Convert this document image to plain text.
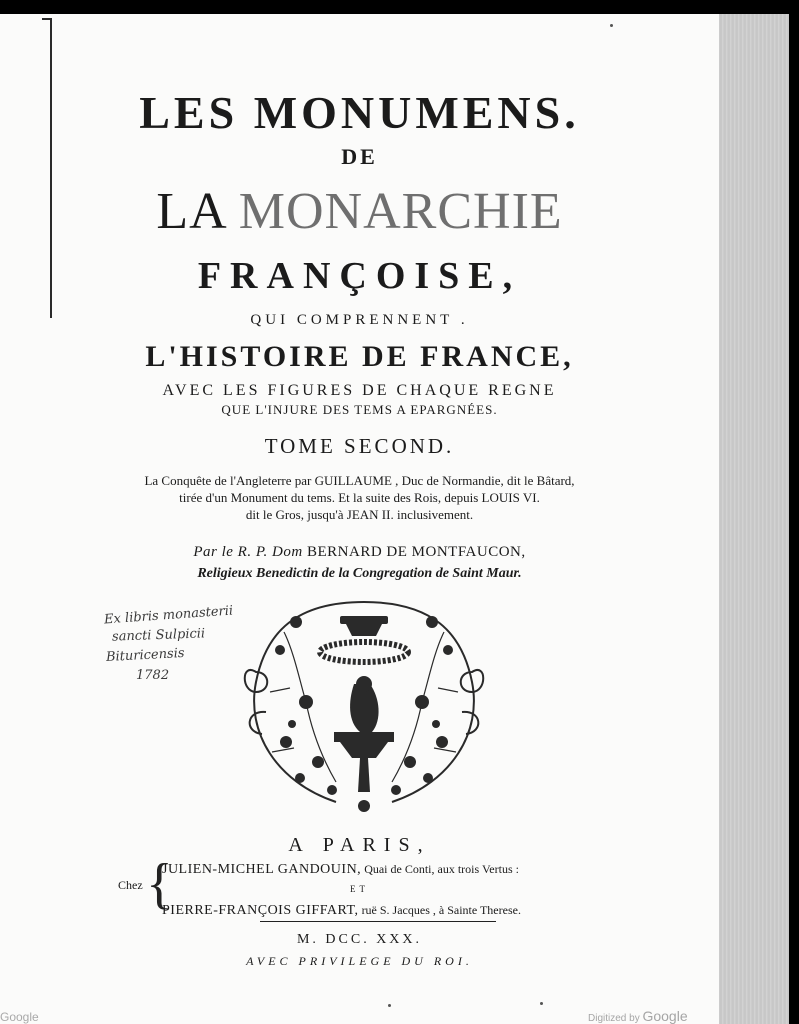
LES MONUMENS.
DE
LA MONARCHIE
FRANÇOISE,
QUI COMPRENNENT .
L'HISTOIRE DE FRANCE,
AVEC LES FIGURES DE CHAQUE REGNE
QUE L'INJURE DES TEMS A EPARGNÉES.
TOME SECOND.
La Conquête de l'Angleterre par GUILLAUME , Duc de Normandie, dit le Bâtard,
tirée d'un Monument du tems. Et la suite des Rois, depuis LOUIS VI.
dit le Gros, jusqu'à JEAN II. inclusivement.
Par le R. P. Dom BERNARD DE MONTFAUCON,
Religieux Benedictin de la Congregation de Saint Maur.
Ex libris monasterii
sancti Sulpicii
Bituricensis
1782
A PARIS,
Chez {
JULIEN-MICHEL GANDOUIN, Quai de Conti, aux trois Vertus :
ET
PIERRE-FRANÇOIS GIFFART, ruë S. Jacques , à Sainte Therese.
M. DCC. XXX.
AVEC PRIVILEGE DU ROI.
Google	Digitized by Google
